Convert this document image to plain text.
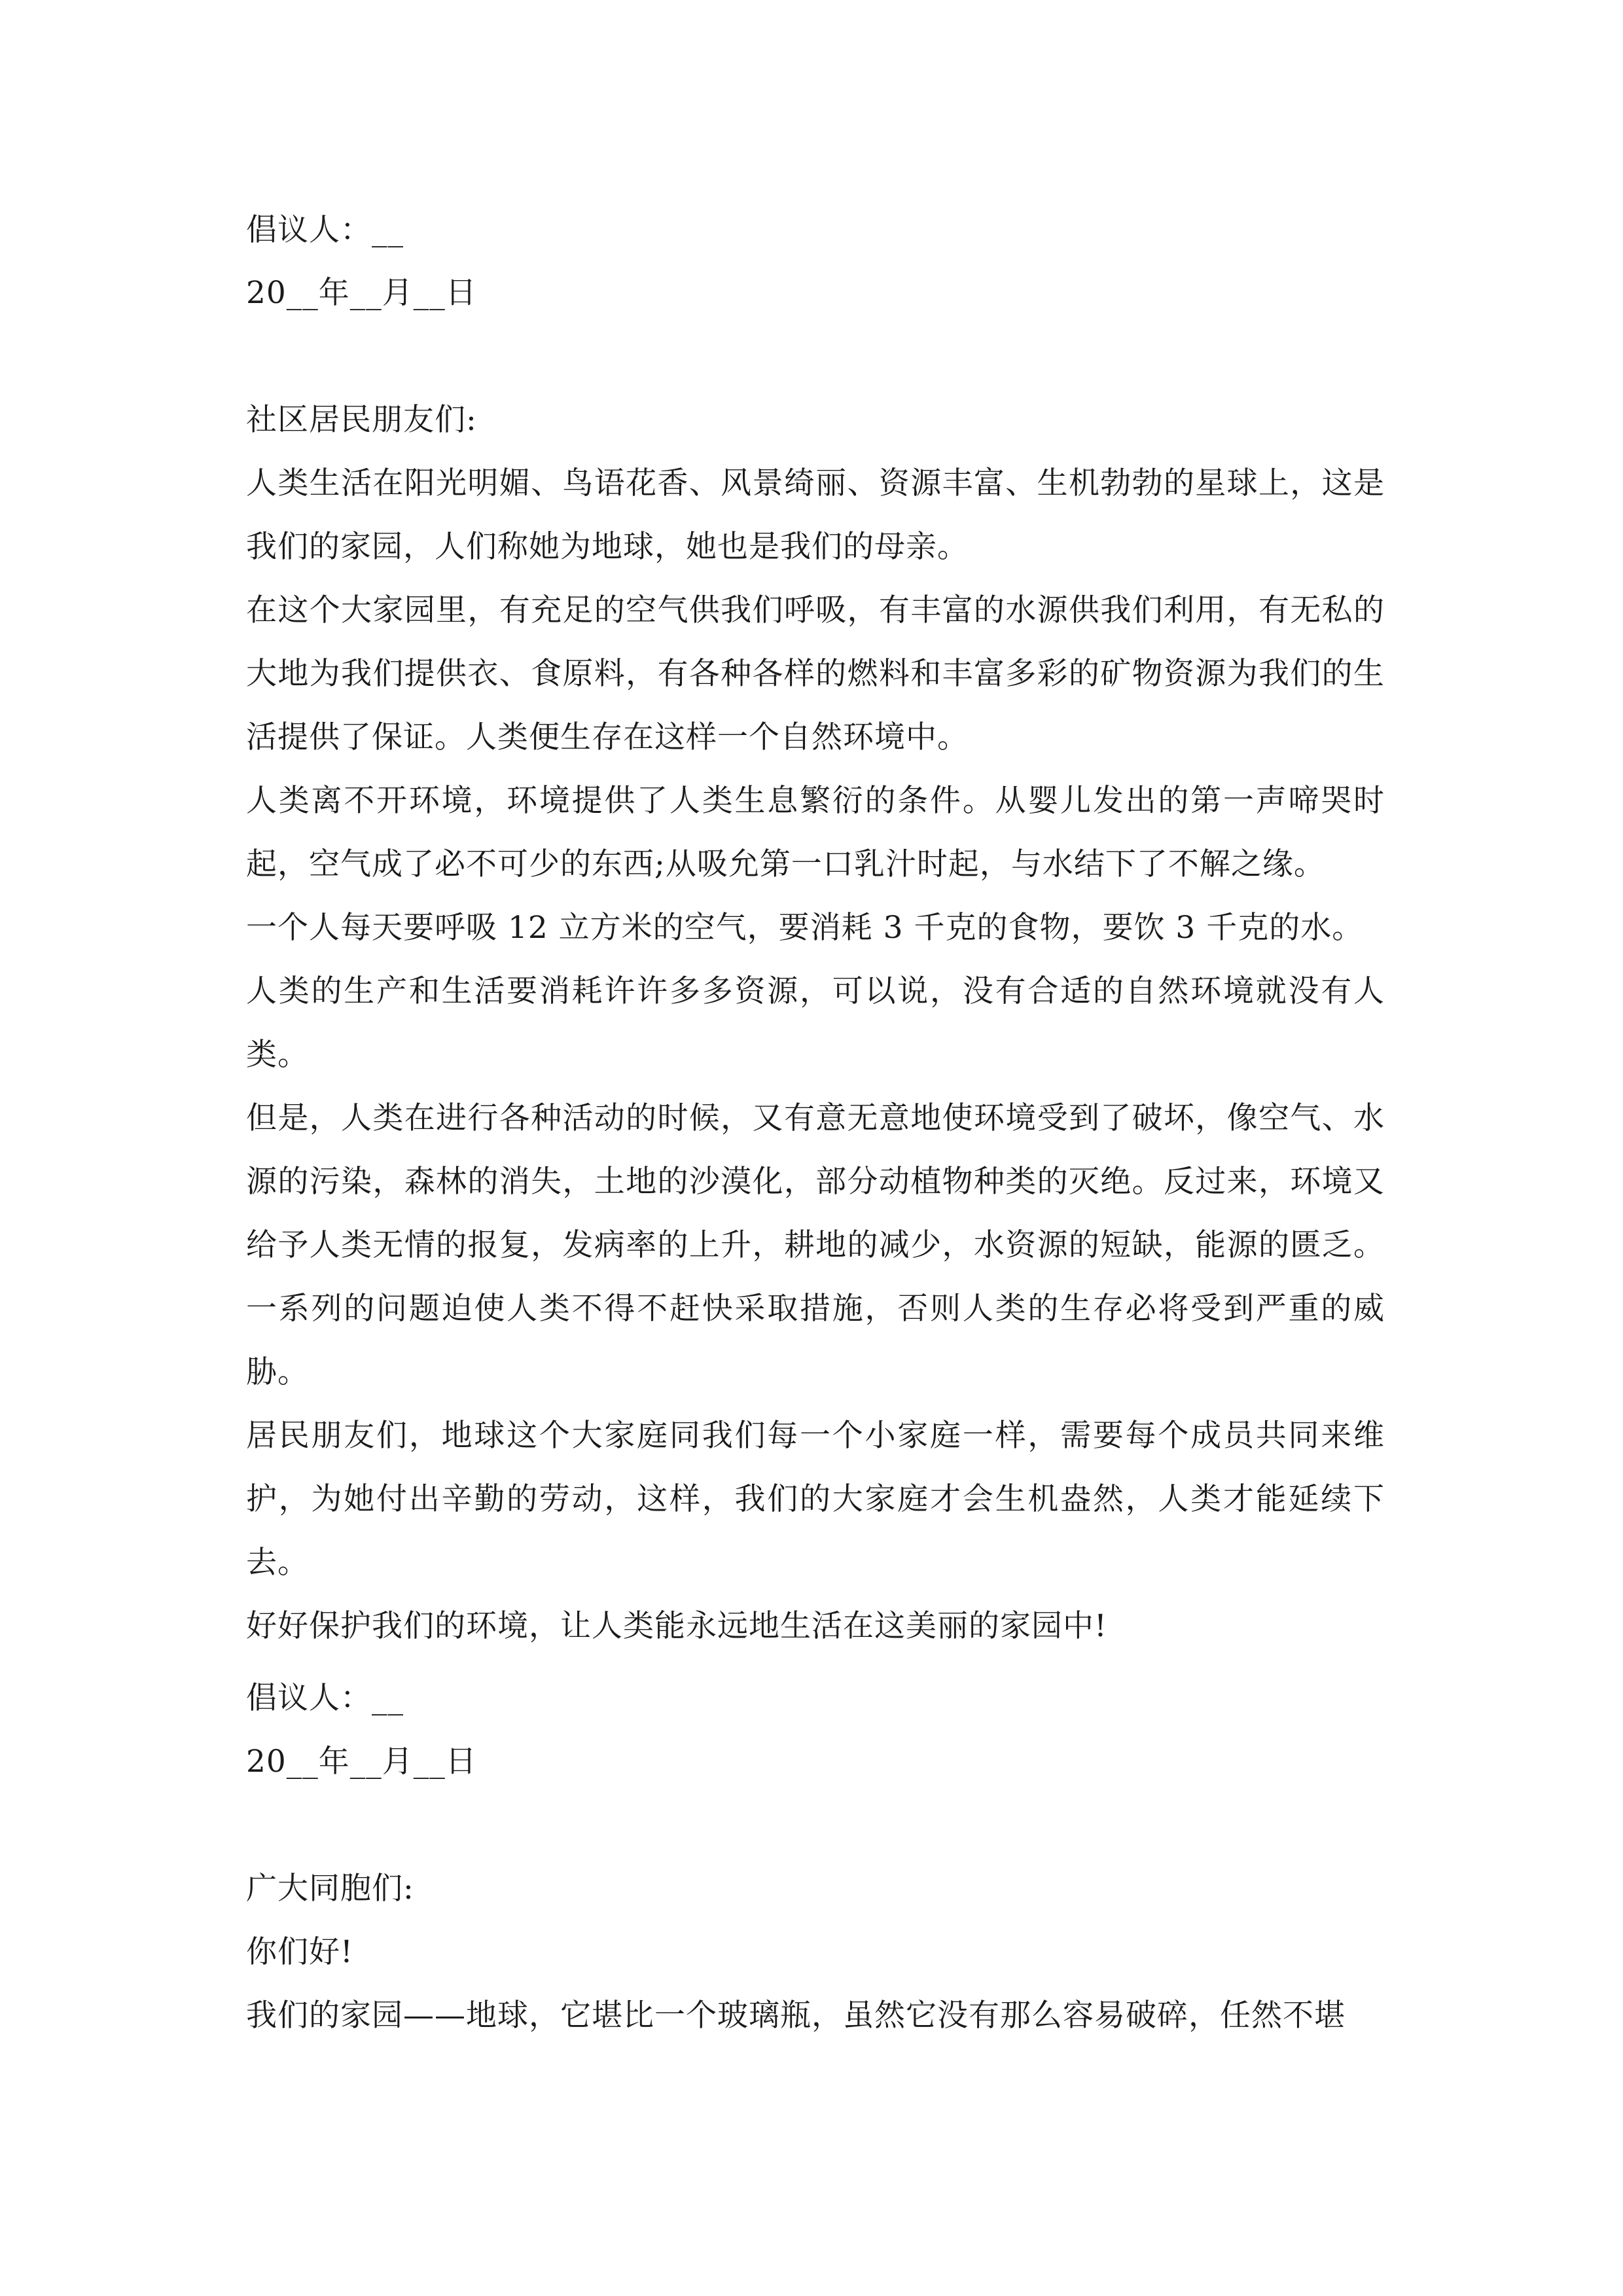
倡议人：__
20__年__月__日
社区居民朋友们:

人类生活在阳光明媚、鸟语花香、风景绮丽、资源丰富、生机勃勃的星球上，这是我们的家园，人们称她为地球，她也是我们的母亲。

在这个大家园里，有充足的空气供我们呼吸，有丰富的水源供我们利用，有无私的大地为我们提供衣、食原料，有各种各样的燃料和丰富多彩的矿物资源为我们的生活提供了保证。人类便生存在这样一个自然环境中。

人类离不开环境，环境提供了人类生息繁衍的条件。从婴儿发出的第一声啼哭时起，空气成了必不可少的东西;从吸允第一口乳汁时起，与水结下了不解之缘。

一个人每天要呼吸 12 立方米的空气，要消耗 3 千克的食物，要饮 3 千克的水。

人类的生产和生活要消耗许许多多资源，可以说，没有合适的自然环境就没有人类。

但是，人类在进行各种活动的时候，又有意无意地使环境受到了破坏，像空气、水源的污染，森林的消失，土地的沙漠化，部分动植物种类的灭绝。反过来，环境又给予人类无情的报复，发病率的上升，耕地的减少，水资源的短缺，能源的匮乏。一系列的问题迫使人类不得不赶快采取措施，否则人类的生存必将受到严重的威胁。

居民朋友们，地球这个大家庭同我们每一个小家庭一样，需要每个成员共同来维护，为她付出辛勤的劳动，这样，我们的大家庭才会生机盎然，人类才能延续下去。

好好保护我们的环境，让人类能永远地生活在这美丽的家园中!

倡议人：__
20__年__月__日
广大同胞们:
你们好!
我们的家园——地球，它堪比一个玻璃瓶，虽然它没有那么容易破碎，任然不堪
